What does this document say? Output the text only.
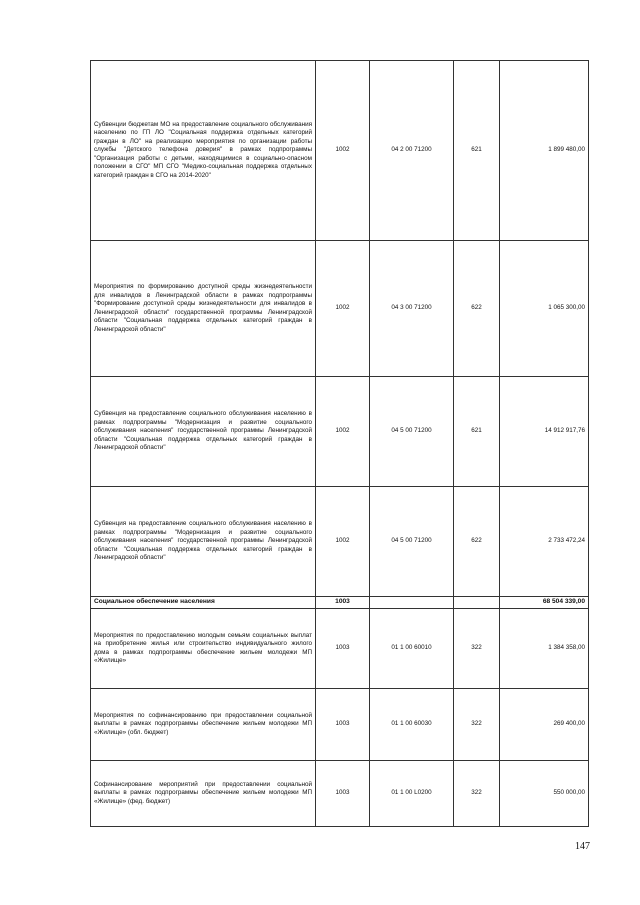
Субвенции бюджетам МО на предоставление социального обслуживания населению по ГП ЛО "Социальная поддержка отдельных категорий граждан в ЛО" на реализацию мероприятия по организации работы службы "Детского телефона доверия" в рамках подпрограммы "Организация работы с детьми, находящимися в социально-опасном положении в СГО" МП СГО "Медико-социальная поддержка отдельных категорий граждан в СГО на 2014-2020"	1002	04 2 00 71200	621	1 899 480,00
Мероприятия по формированию доступной среды жизнедеятельности для инвалидов в Ленинградской области в рамках подпрограммы "Формирование доступной среды жизнедеятельности для инвалидов в Ленинградской области" государственной программы Ленинградской области "Социальная поддержка отдельных категорий граждан в Ленинградской области"	1002	04 3 00 71200	622	1 065 300,00
Субвенция на предоставление социального обслуживания населению в рамках подпрограммы "Модернизация и развитие социального обслуживания населения" государственной программы Ленинградской области "Социальная поддержка отдельных категорий граждан в Ленинградской области"	1002	04 5 00 71200	621	14 912 917,76
Субвенция на предоставление социального обслуживания населению в рамках подпрограммы "Модернизация и развитие социального обслуживания населения" государственной программы Ленинградской области "Социальная поддержка отдельных категорий граждан в Ленинградской области"	1002	04 5 00 71200	622	2 733 472,24
Социальное обеспечение населения	1003			68 504 339,00
Мероприятия по предоставлению молодым семьям социальных выплат на приобретение жилья или строительство индивидуального жилого дома в рамках подпрограммы обеспечение жильем молодежи МП «Жилище»	1003	01 1 00 60010	322	1 384 358,00
Мероприятия по софинансированию при предоставлении социальной выплаты в рамках подпрограммы обеспечение жильем молодежи МП «Жилище» (обл. бюджет)	1003	01 1 00 60030	322	269 400,00
Софинансирование мероприятий при предоставлении социальной выплаты в рамках подпрограммы обеспечение жильем молодежи МП «Жилище» (фед. бюджет)	1003	01 1 00 L0200	322	550 000,00
147
